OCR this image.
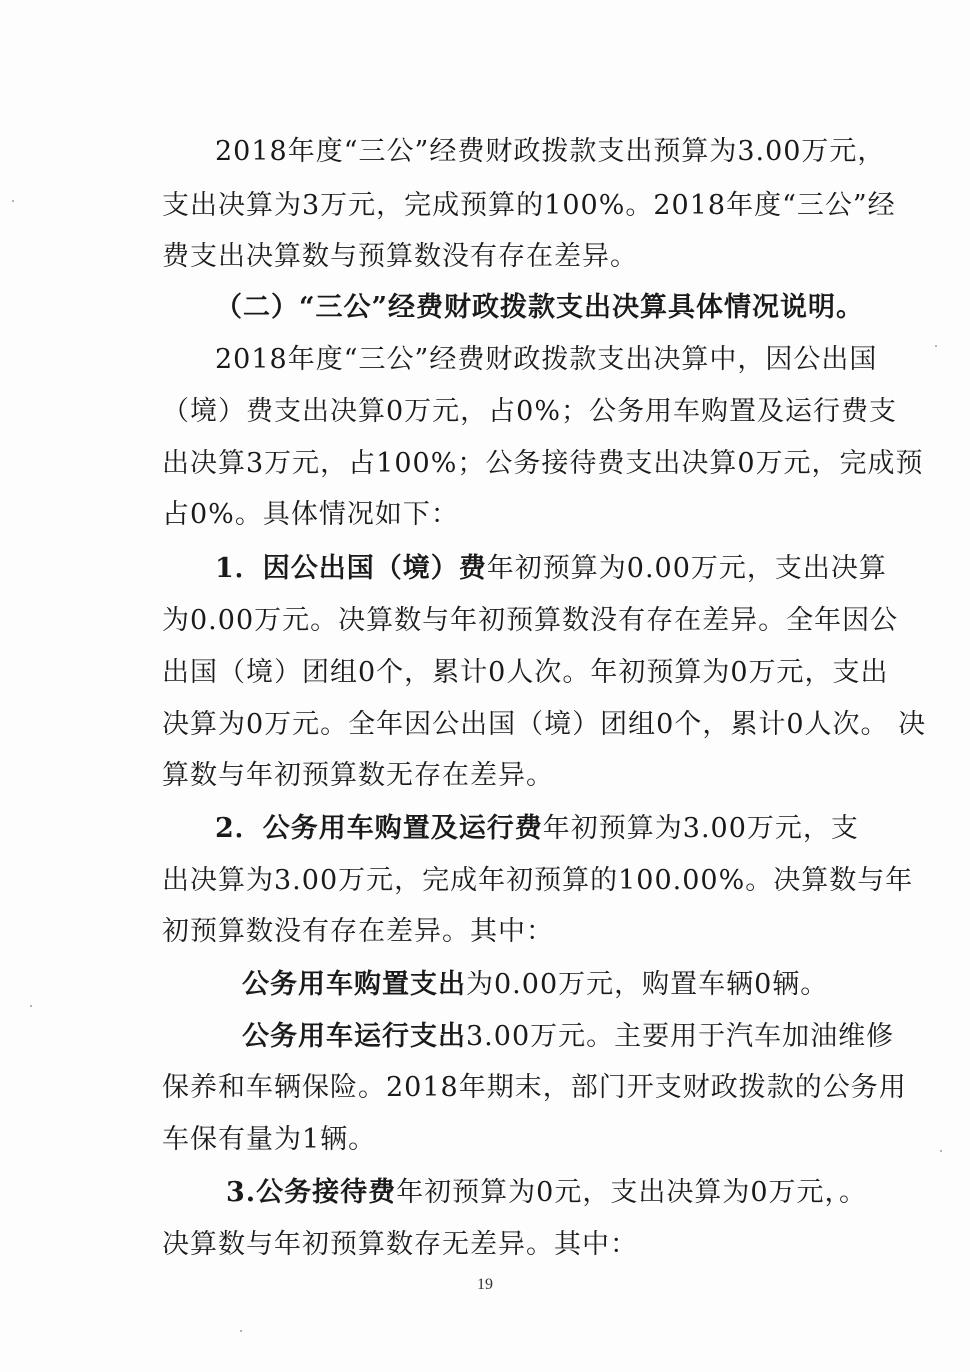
2018年度“三公”经费财政拨款支出预算为3.00万元，
支出决算为3万元，完成预算的100%。2018年度“三公”经
费支出决算数与预算数没有存在差异。
（二）“三公”经费财政拨款支出决算具体情况说明。
2018年度“三公”经费财政拨款支出决算中，因公出国
（境）费支出决算0万元，占0%；公务用车购置及运行费支
出决算3万元，占100%；公务接待费支出决算0万元，完成预
占0%。具体情况如下：
1．因公出国（境）费年初预算为0.00万元，支出决算
为0.00万元。决算数与年初预算数没有存在差异。全年因公
出国（境）团组0个，累计0人次。年初预算为0万元，支出
决算为0万元。全年因公出国（境）团组0个，累计0人次。 决
算数与年初预算数无存在差异。
2．公务用车购置及运行费年初预算为3.00万元，支
出决算为3.00万元，完成年初预算的100.00%。决算数与年
初预算数没有存在差异。其中：
公务用车购置支出为0.00万元，购置车辆0辆。
公务用车运行支出3.00万元。主要用于汽车加油维修
保养和车辆保险。2018年期末，部门开支财政拨款的公务用
车保有量为1辆。
3.公务接待费年初预算为0元，支出决算为0万元，。
决算数与年初预算数存无差异。其中：
19
